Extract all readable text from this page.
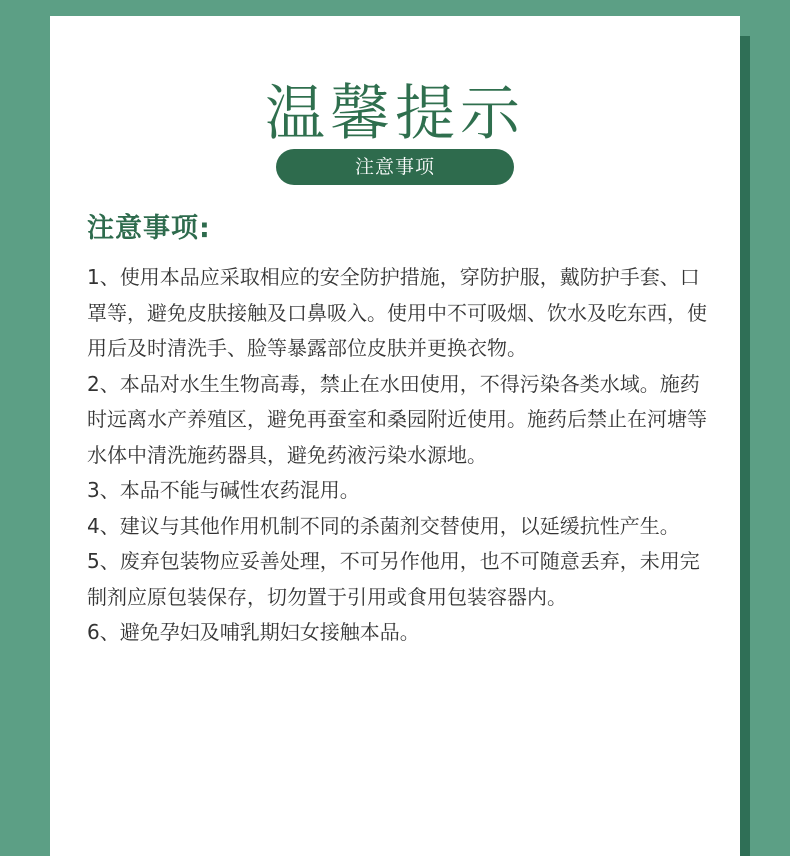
温馨提示
注意事项
注意事项:
1、使用本品应采取相应的安全防护措施，穿防护服，戴防护手套、口罩等，避免皮肤接触及口鼻吸入。使用中不可吸烟、饮水及吃东西，使用后及时清洗手、脸等暴露部位皮肤并更换衣物。
2、本品对水生生物高毒，禁止在水田使用，不得污染各类水域。施药时远离水产养殖区，避免再蚕室和桑园附近使用。施药后禁止在河塘等水体中清洗施药器具，避免药液污染水源地。
3、本品不能与碱性农药混用。
4、建议与其他作用机制不同的杀菌剂交替使用，以延缓抗性产生。
5、废弃包装物应妥善处理，不可另作他用，也不可随意丢弃，未用完制剂应原包装保存，切勿置于引用或食用包装容器内。
6、避免孕妇及哺乳期妇女接触本品。
